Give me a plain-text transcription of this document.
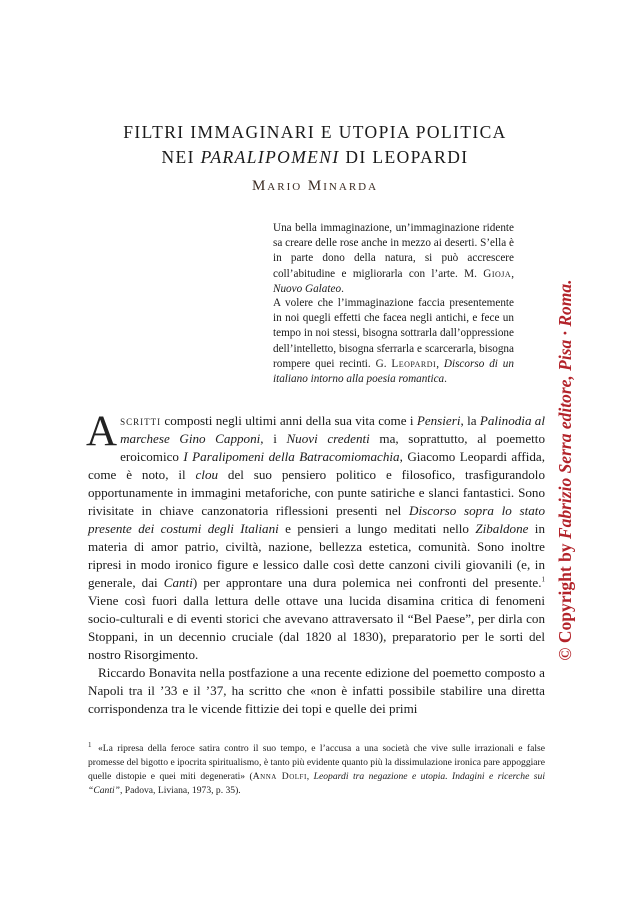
FILTRI IMMAGINARI E UTOPIA POLITICA
NEI PARALIPOMENI DI LEOPARDI
Mario Minarda

Una bella immaginazione, un’immaginazione ridente sa creare delle rose anche in mezzo ai deserti. S’ella è in parte dono della natura, si può accrescere coll’abitudine e migliorarla con l’arte. M. Gioja, Nuovo Galateo.

A volere che l’immaginazione faccia presentemente in noi quegli effetti che facea negli antichi, e fece un tempo in noi stessi, bisogna sottrarla dall’oppressione dell’intelletto, bisogna sferrarla e scarcerarla, bisogna rompere quei recinti. G. Leopardi, Discorso di un italiano intorno alla poesia romantica.

Ascritti composti negli ultimi anni della sua vita come i Pensieri, la Palinodia al marchese Gino Capponi, i Nuovi credenti ma, soprattutto, al poemetto eroicomico I Paralipomeni della Batracomiomachia, Giacomo Leopardi affida, come è noto, il clou del suo pensiero politico e filosofico, trasfigurandolo opportunamente in immagini metaforiche, con punte satiriche e slanci fantastici. Sono rivisitate in chiave canzonatoria riflessioni presenti nel Discorso sopra lo stato presente dei costumi degli Italiani e pensieri a lungo meditati nello Zibaldone in materia di amor patrio, civiltà, nazione, bellezza estetica, comunità. Sono inoltre ripresi in modo ironico figure e lessico dalle così dette canzoni civili giovanili (e, in generale, dai Canti) per approntare una dura polemica nei confronti del presente.$^1$ Viene così fuori dalla lettura delle ottave una lucida disamina critica di fenomeni socio-culturali e di eventi storici che avevano attraversato il “Bel Paese”, per dirla con Stoppani, in un decennio cruciale (dal 1820 al 1830), preparatorio per le sorti del nostro Risorgimento.

Riccardo Bonavita nella postfazione a una recente edizione del poemetto composto a Napoli tra il ’33 e il ’37, ha scritto che «non è infatti possibile stabilire una diretta corrispondenza tra le vicende fittizie dei topi e quelle dei primi

1 «La ripresa della feroce satira contro il suo tempo, e l’accusa a una società che vive sulle irrazionali e false promesse del bigotto e ipocrita spiritualismo, è tanto più evidente quanto più la dissimulazione ironica pare appoggiare quelle distopie e quei miti degenerati» (Anna Dolfi, Leopardi tra negazione e utopia. Indagini e ricerche sui “Canti”, Padova, Liviana, 1973, p. 35).

© Copyright by Fabrizio Serra editore, Pisa · Roma.
